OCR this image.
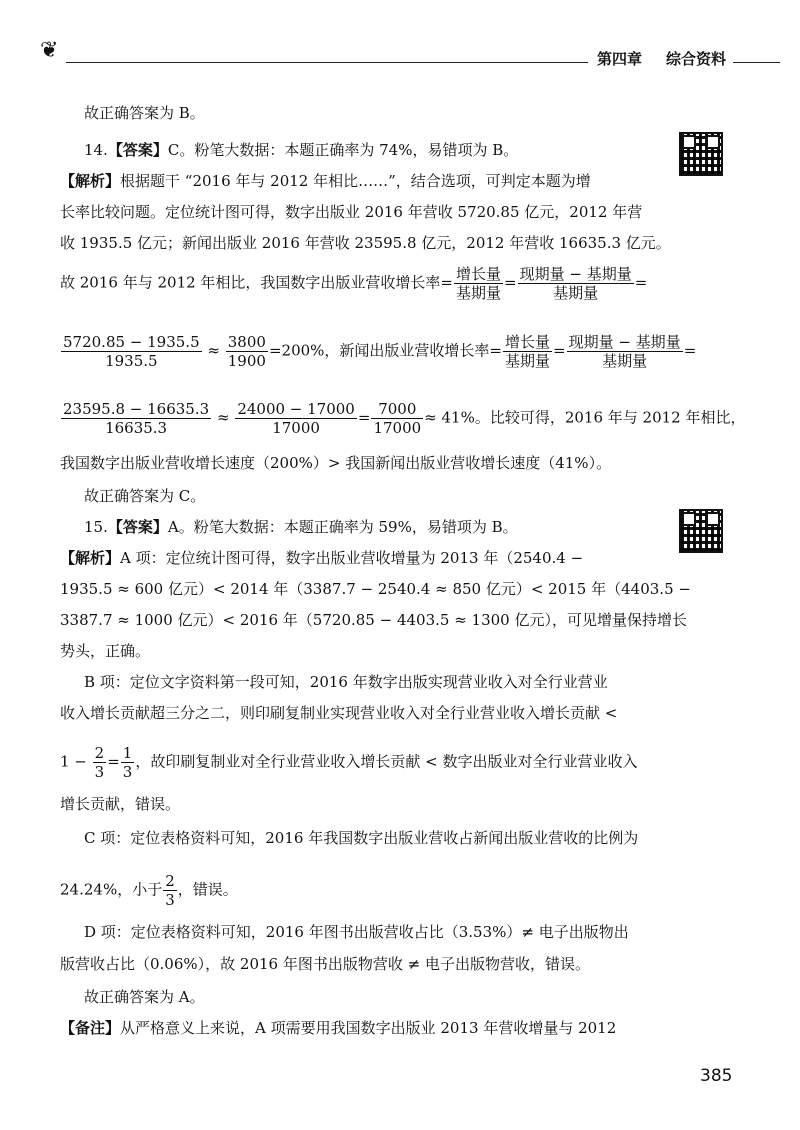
❦	第四章 综合资料
故正确答案为 B。
14.【答案】C。粉笔大数据：本题正确率为 74%，易错项为 B。
【解析】根据题干 “2016 年与 2012 年相比……”，结合选项，可判定本题为增
长率比较问题。定位统计图可得，数字出版业 2016 年营收 5720.85 亿元，2012 年营
收 1935.5 亿元；新闻出版业 2016 年营收 23595.8 亿元，2012 年营收 16635.3 亿元。
故 2016 年与 2012 年相比，我国数字出版业营收增长率= $\frac{\text{增长量}}{\text{基期量}} = \frac{\text{现期量 − 基期量}}{\text{基期量}}$ =
$\frac{5720.85 - 1935.5}{1935.5} \approx \frac{3800}{1900} =200\%$，新闻出版业营收增长率= $\frac{\text{增长量}}{\text{基期量}} = \frac{\text{现期量 − 基期量}}{\text{基期量}}$ =
$\frac{23595.8 - 16635.3}{16635.3} \approx \frac{24000 - 17000}{17000} = \frac{7000}{17000} \approx 41\%$。比较可得，2016 年与 2012 年相比，
我国数字出版业营收增长速度（200%）> 我国新闻出版业营收增长速度（41%）。
故正确答案为 C。
15.【答案】A。粉笔大数据：本题正确率为 59%，易错项为 B。
【解析】A 项：定位统计图可得，数字出版业营收增量为 2013 年（2540.4 −
1935.5 ≈ 600 亿元）< 2014 年（3387.7 − 2540.4 ≈ 850 亿元）< 2015 年（4403.5 −
3387.7 ≈ 1000 亿元）< 2016 年（5720.85 − 4403.5 ≈ 1300 亿元），可见增量保持增长
势头，正确。
B 项：定位文字资料第一段可知，2016 年数字出版实现营业收入对全行业营业
收入增长贡献超三分之二，则印刷复制业实现营业收入对全行业营业收入增长贡献 <
$1 - \frac{2}{3} = \frac{1}{3}$ ，故印刷复制业对全行业营业收入增长贡献 < 数字出版业对全行业营业收入
增长贡献，错误。
C 项：定位表格资料可知，2016 年我国数字出版业营收占新闻出版业营收的比例为
24.24%，小于 $\frac{2}{3}$ ，错误。
D 项：定位表格资料可知，2016 年图书出版营收占比（3.53%）≠ 电子出版物出
版营收占比（0.06%），故 2016 年图书出版物营收 ≠ 电子出版物营收，错误。
故正确答案为 A。
【备注】从严格意义上来说，A 项需要用我国数字出版业 2013 年营收增量与 2012
385
